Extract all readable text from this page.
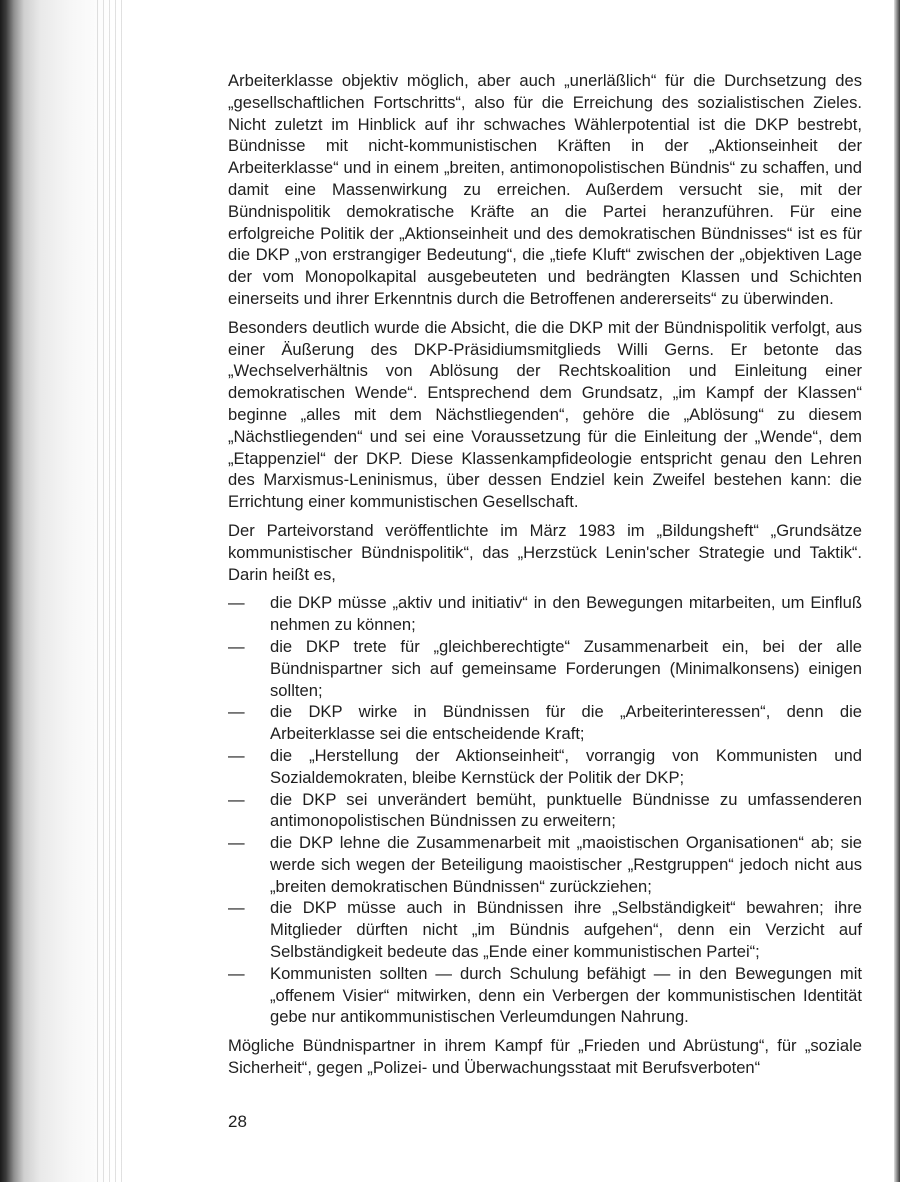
Arbeiterklasse objektiv möglich, aber auch „unerläßlich“ für die Durchsetzung des „gesellschaftlichen Fortschritts“, also für die Erreichung des sozialistischen Zieles. Nicht zuletzt im Hinblick auf ihr schwaches Wählerpotential ist die DKP bestrebt, Bündnisse mit nicht-kommunistischen Kräften in der „Aktionseinheit der Arbeiterklasse“ und in einem „breiten, antimonopolistischen Bündnis“ zu schaffen, und damit eine Massenwirkung zu erreichen. Außerdem versucht sie, mit der Bündnispolitik demokratische Kräfte an die Partei heranzuführen. Für eine erfolgreiche Politik der „Aktionseinheit und des demokratischen Bündnisses“ ist es für die DKP „von erstrangiger Bedeutung“, die „tiefe Kluft“ zwischen der „objektiven Lage der vom Monopolkapital ausgebeuteten und bedrängten Klassen und Schichten einerseits und ihrer Erkenntnis durch die Betroffenen andererseits“ zu überwinden.

Besonders deutlich wurde die Absicht, die die DKP mit der Bündnispolitik verfolgt, aus einer Äußerung des DKP-Präsidiumsmitglieds Willi Gerns. Er betonte das „Wechselverhältnis von Ablösung der Rechtskoalition und Einleitung einer demokratischen Wende“. Entsprechend dem Grundsatz, „im Kampf der Klassen“ beginne „alles mit dem Nächstliegenden“, gehöre die „Ablösung“ zu diesem „Nächstliegenden“ und sei eine Voraussetzung für die Einleitung der „Wende“, dem „Etappenziel“ der DKP. Diese Klassenkampfideologie entspricht genau den Lehren des Marxismus-Leninismus, über dessen Endziel kein Zweifel bestehen kann: die Errichtung einer kommunistischen Gesellschaft.

Der Parteivorstand veröffentlichte im März 1983 im „Bildungsheft“ „Grundsätze kommunistischer Bündnispolitik“, das „Herzstück Lenin'scher Strategie und Taktik“. Darin heißt es,

— die DKP müsse „aktiv und initiativ“ in den Bewegungen mitarbeiten, um Einfluß nehmen zu können;
— die DKP trete für „gleichberechtigte“ Zusammenarbeit ein, bei der alle Bündnispartner sich auf gemeinsame Forderungen (Minimalkonsens) einigen sollten;
— die DKP wirke in Bündnissen für die „Arbeiterinteressen“, denn die Arbeiterklasse sei die entscheidende Kraft;
— die „Herstellung der Aktionseinheit“, vorrangig von Kommunisten und Sozialdemokraten, bleibe Kernstück der Politik der DKP;
— die DKP sei unverändert bemüht, punktuelle Bündnisse zu umfassenderen antimonopolistischen Bündnissen zu erweitern;
— die DKP lehne die Zusammenarbeit mit „maoistischen Organisationen“ ab; sie werde sich wegen der Beteiligung maoistischer „Restgruppen“ jedoch nicht aus „breiten demokratischen Bündnissen“ zurückziehen;
— die DKP müsse auch in Bündnissen ihre „Selbständigkeit“ bewahren; ihre Mitglieder dürften nicht „im Bündnis aufgehen“, denn ein Verzicht auf Selbständigkeit bedeute das „Ende einer kommunistischen Partei“;
— Kommunisten sollten — durch Schulung befähigt — in den Bewegungen mit „offenem Visier“ mitwirken, denn ein Verbergen der kommunistischen Identität gebe nur antikommunistischen Verleumdungen Nahrung.

Mögliche Bündnispartner in ihrem Kampf für „Frieden und Abrüstung“, für „soziale Sicherheit“, gegen „Polizei- und Überwachungsstaat mit Berufsverboten“

28
